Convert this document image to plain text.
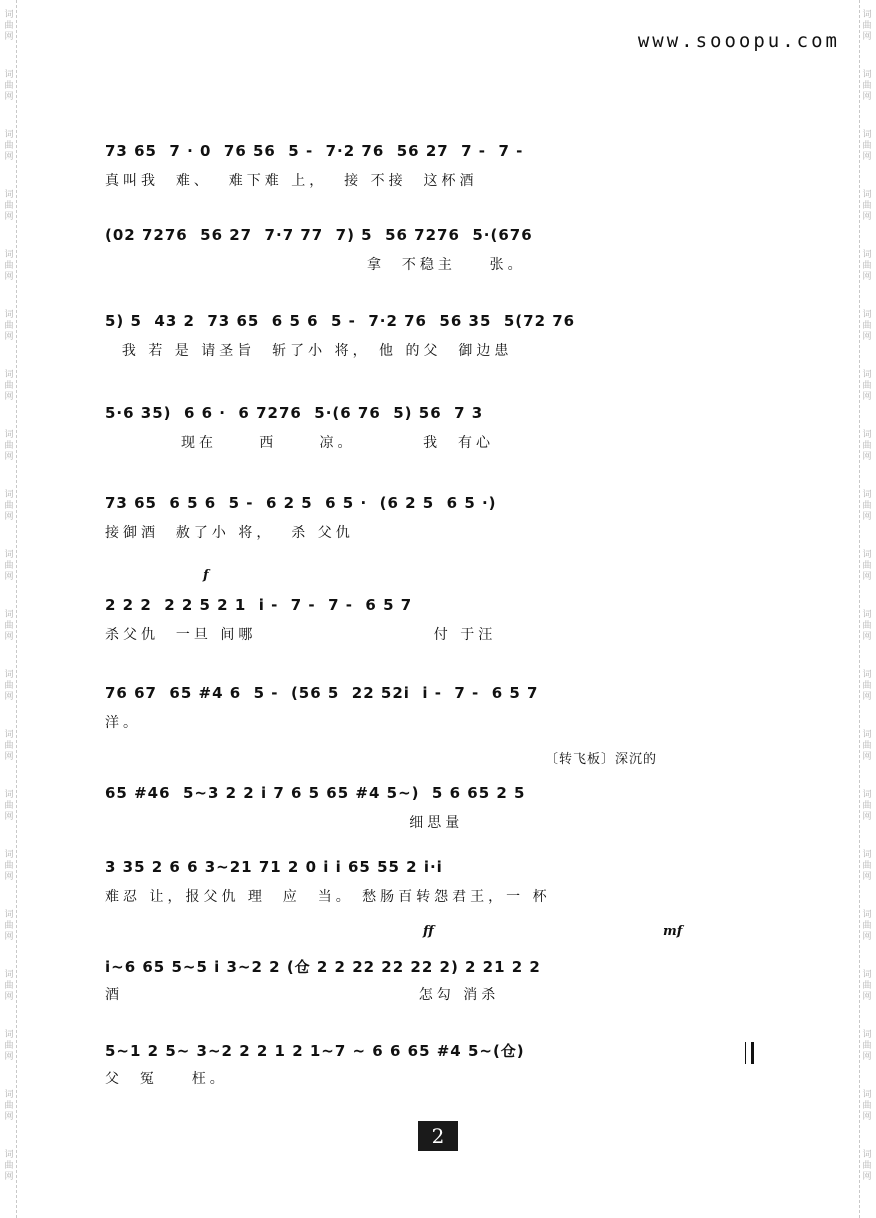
词
曲
网
词
曲
网
词
曲
网
词
曲
网
词
曲
网
词
曲
网
词
曲
网
词
曲
网
词
曲
网
词
曲
网
词
曲
网
词
曲
网
词
曲
网
词
曲
网
词
曲
网
词
曲
网
词
曲
网
词
曲
网
词
曲
网
词
曲
网
词
曲
网
词
曲
网
词
曲
网
词
曲
网
词
曲
网
词
曲
网
词
曲
网
词
曲
网
词
曲
网
词
曲
网
词
曲
网
词
曲
网
词
曲
网
词
曲
网
词
曲
网
词
曲
网
词
曲
网
词
曲
网
词
曲
网
词
曲
网
www.sooopu.com
73 65  7 · 0  76 56  5 -  7·2 76  56 27  7 -  7 -
真叫我  难、  难下难 上，  接 不接  这杯酒
(02 7276  56 27  7·7 77  7) 5  56 7276  5·(676
拿  不稳主    张。
5) 5  43 2  73 65  6 5 6  5 -  7·2 76  56 35  5(72 76
我 若 是 请圣旨  斩了小 将， 他 的父  御边患
5·6 35)  6 6 ·  6 7276  5·(6 76  5) 56  7 3
现在     西     凉。        我  有心
73 65  6 5 6  5 -  6 2 5  6 5 ·  (6 2 5  6 5 ·)
接御酒  赦了小 将，  杀 父仇
f
2 2 2  2 2 5 2 1  i -  7 -  7 -  6 5 7
杀父仇  一旦 间哪                     付 于汪
76 67  65 #4 6  5 -  (56 5  22 52i  i -  7 -  6 5 7
洋。
〔转飞板〕深沉的
65 #46  5~3 2 2 i 7 6 5 65 #4 5~)  5 6 65 2 5
细思量
3 35 2 6 6 3~21 71 2 0 i i 65 55 2 i·i
难忍 让，报父仇 理  应  当。 愁肠百转怨君王，一 杯
ff	mf
i~6 65 5~5 i 3~2 2 (仓 2 2 22 22 22 2) 2 21 2 2
酒                                   怎勾 消杀
5~1 2 5~ 3~2 2 2 1 2 1~7 ~ 6 6 65 #4 5~(仓)
父  冤    枉。
2
